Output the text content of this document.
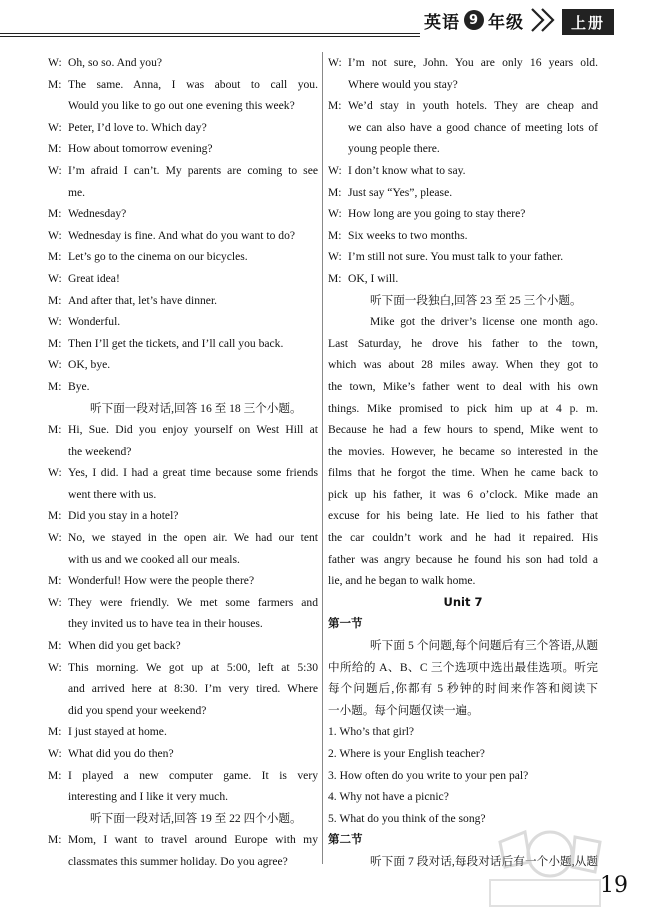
英语 9 年级	上册
W: Oh, so so. And you?
M: The same. Anna, I was about to call you.
Would you like to go out one evening this week?
W: Peter, I’d love to. Which day?
M: How about tomorrow evening?
W: I’m afraid I can’t. My parents are coming to see
me.
M: Wednesday?
W: Wednesday is fine. And what do you want to do?
M: Let’s go to the cinema on our bicycles.
W: Great idea!
M: And after that, let’s have dinner.
W: Wonderful.
M: Then I’ll get the tickets, and I’ll call you back.
W: OK, bye.
M: Bye.
听下面一段对话,回答 16 至 18 三个小题。
M: Hi, Sue. Did you enjoy yourself on West Hill at
the weekend?
W: Yes, I did. I had a great time because some friends
went there with us.
M: Did you stay in a hotel?
W: No, we stayed in the open air. We had our tent
with us and we cooked all our meals.
M: Wonderful! How were the people there?
W: They were friendly. We met some farmers and
they invited us to have tea in their houses.
M: When did you get back?
W: This morning. We got up at 5:00, left at 5:30
and arrived here at 8:30. I’m very tired. Where
did you spend your weekend?
M: I just stayed at home.
W: What did you do then?
M: I played a new computer game. It is very
interesting and I like it very much.
听下面一段对话,回答 19 至 22 四个小题。
M: Mom, I want to travel around Europe with my
classmates this summer holiday. Do you agree?
W: I’m not sure, John. You are only 16 years old.
Where would you stay?
M: We’d stay in youth hotels. They are cheap and
we can also have a good chance of meeting lots of
young people there.
W: I don’t know what to say.
M: Just say “Yes”, please.
W: How long are you going to stay there?
M: Six weeks to two months.
W: I’m still not sure. You must talk to your father.
M: OK, I will.
听下面一段独白,回答 23 至 25 三个小题。
Mike got the driver’s license one month ago.
Last Saturday, he drove his father to the town,
which was about 28 miles away. When they got to
the town, Mike’s father went to deal with his own
things. Mike promised to pick him up at 4 p. m.
Because he had a few hours to spend, Mike went to
the movies. However, he became so interested in the
films that he forgot the time. When he came back to
pick up his father, it was 6 o’clock. Mike made an
excuse for his being late. He lied to his father that
the car couldn’t work and he had it repaired. His
father was angry because he found his son had told a
lie, and he began to walk home.
Unit 7
第一节
听下面 5 个问题,每个问题后有三个答语,从题
中所给的 A、B、C 三个选项中选出最佳选项。听完
每个问题后,你都有 5 秒钟的时间来作答和阅读下
一小题。每个问题仅读一遍。
1. Who’s that girl?
2. Where is your English teacher?
3. How often do you write to your pen pal?
4. Why not have a picnic?
5. What do you think of the song?
第二节
听下面 7 段对话,每段对话后有一个小题,从题
19
